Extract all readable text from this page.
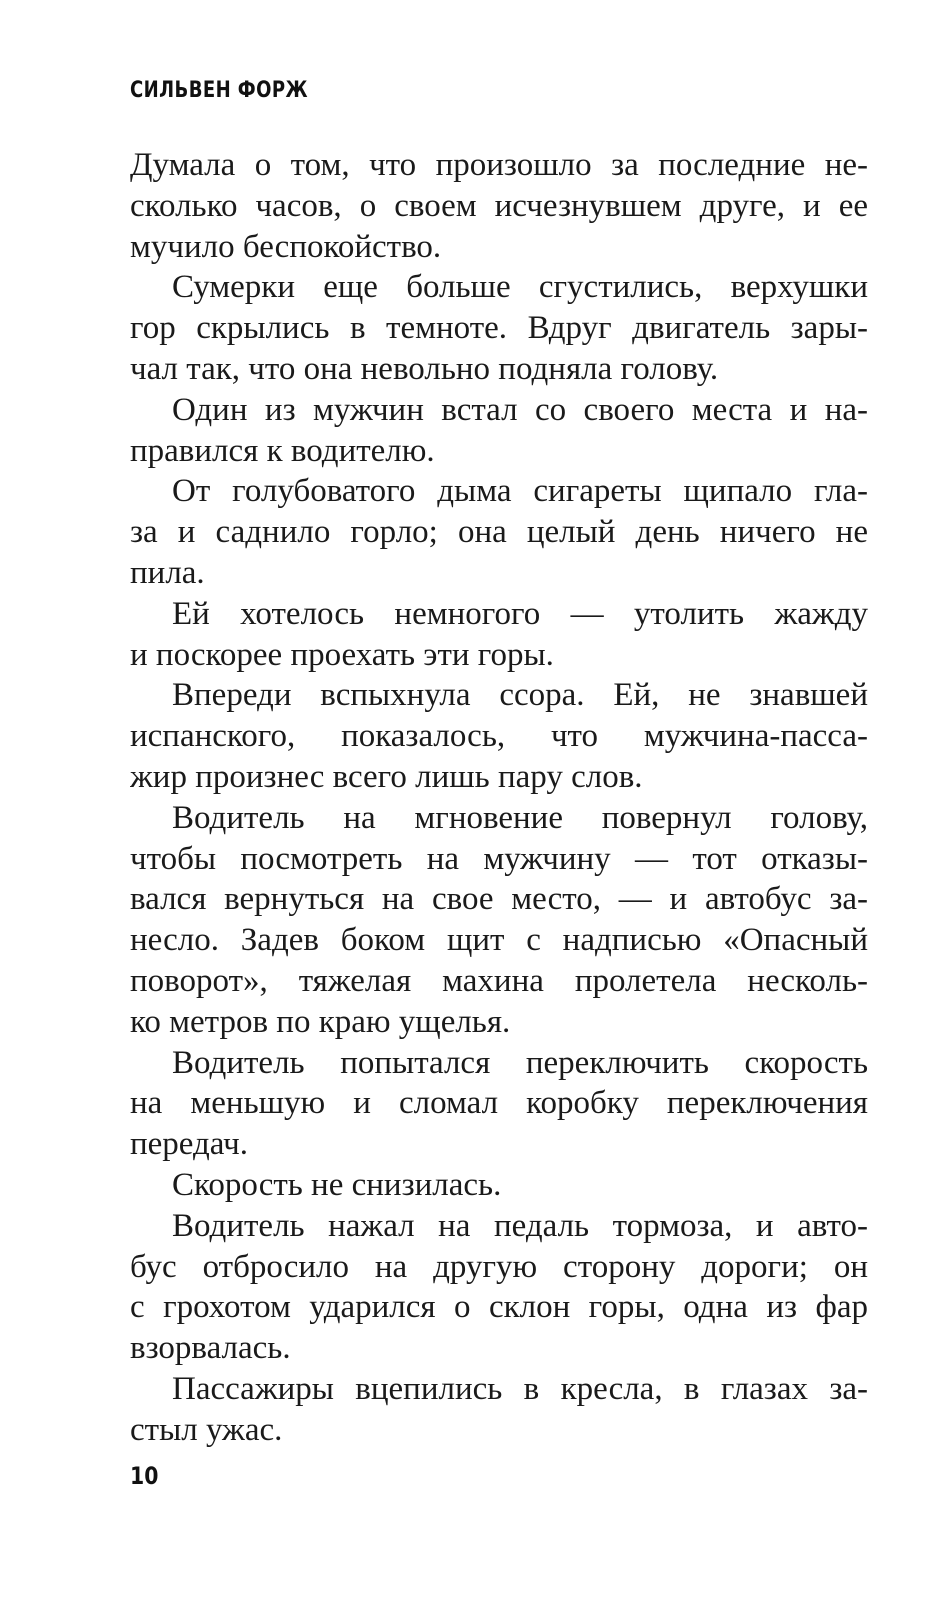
СИЛЬВЕН ФОРЖ
Думала о том, что произошло за последние не-
сколько часов, о своем исчезнувшем друге, и ее
мучило беспокойство.
Сумерки еще больше сгустились, верхушки
гор скрылись в темноте. Вдруг двигатель зары-
чал так, что она невольно подняла голову.
Один из мужчин встал со своего места и на-
правился к водителю.
От голубоватого дыма сигареты щипало гла-
за и саднило горло; она целый день ничего не
пила.
Ей хотелось немногого — утолить жажду
и поскорее проехать эти горы.
Впереди вспыхнула ссора. Ей, не знавшей
испанского, показалось, что мужчина-пасса-
жир произнес всего лишь пару слов.
Водитель на мгновение повернул голову,
чтобы посмотреть на мужчину — тот отказы-
вался вернуться на свое место, — и автобус за-
несло. Задев боком щит с надписью «Опасный
поворот», тяжелая махина пролетела несколь-
ко метров по краю ущелья.
Водитель попытался переключить скорость
на меньшую и сломал коробку переключения
передач.
Скорость не снизилась.
Водитель нажал на педаль тормоза, и авто-
бус отбросило на другую сторону дороги; он
с грохотом ударился о склон горы, одна из фар
взорвалась.
Пассажиры вцепились в кресла, в глазах за-
стыл ужас.
10
